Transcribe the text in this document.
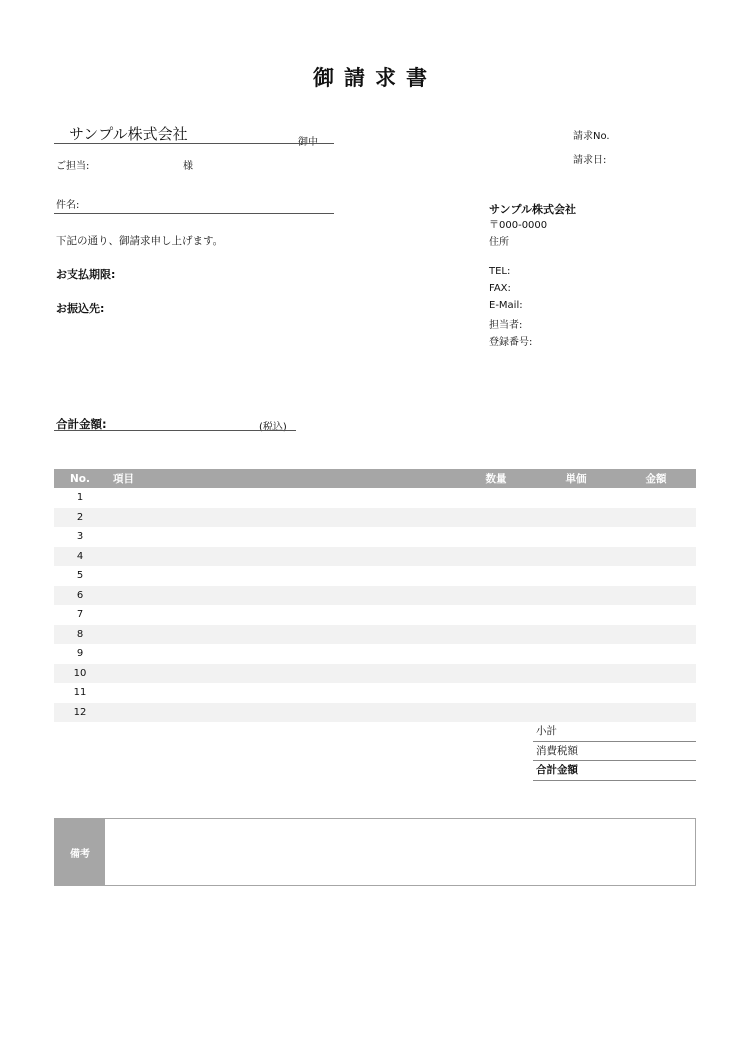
御請求書
サンプル株式会社	御中
ご担当:	様
件名:
下記の通り、御請求申し上げます。
お支払期限:
お振込先:
合計金額:	(税込)
請求No.
請求日:
サンプル株式会社
〒000-0000
住所
TEL:
FAX:
E-Mail:
担当者:
登録番号:
No.	項目	数量	単価	金額
1				
2				
3				
4				
5				
6				
7				
8				
9				
10				
11				
12				
小計
消費税額
合計金額
備考
